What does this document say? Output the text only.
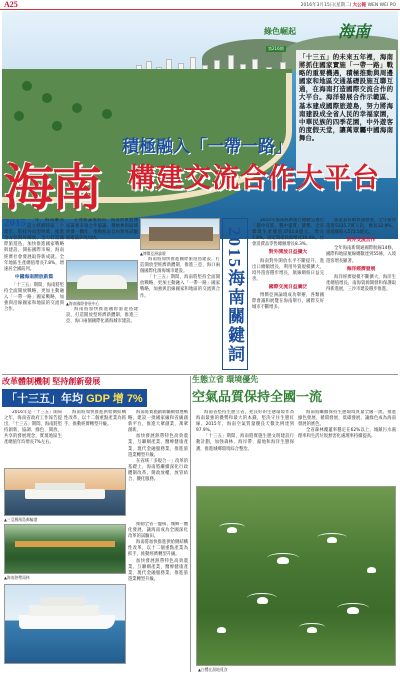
A25	2016年3月15日(星期二) 大公報 WEN WEI PO
綠色崛起
第216期
海南
「十三五」的未來五年裡，海南將抓住國家實施「一帶一路」戰略的重要機遇，積極推動與周邊國家和地區交通基礎設施互聯互通，在海南打造國際交流合作的大平台。海洋發展合作示範區、基本建成國際旅遊島，努力將海南建設成全省人民的幸福家園，中華民族的四季花園，中外遊客的度假天堂，讓萬眾矚中國海南舞台。
海南
積極融入「一帶一路」
構建交流合作大平台
2015	年，海南聯省設立經濟特區三十周年，堅持外向型經濟、推進全方位對外開放，全力打造國際旅遊島，加快推進國家戰略與建設，開拓國際市場，海南經濟社會發展取得新成就。全年地區生產總值增長7.8%，增速居全國前列。

中國海南開放新篇

「十三五」期間，海南將堅持全面開放戰略，更加主動融入「一帶一路」國家戰略，加強與沿線國家和地區的交流與合作。

在博鰲論壇期間，海南與東盟國家簽署多項合作協議，積極參與區域經濟一體化，推動海南自由貿易試驗區建設步伐加快。

▲海南國際會展中心

海南將加快推進國際旅遊島建設，打造開放型經濟新體制，推進三亞、海口兩個國際化濱海城市建設。

▲博鰲亞洲論壇

海南將加快推進國際旅遊島建設，打造開放型經濟新體制，推進三亞、海口兩個國際化濱海城市建設。

「十三五」期間，海南將堅持全面開放戰略，更加主動融入「一帶一路」國家戰略，加強與沿線國家和地區的交流與合作。	2015海南關鍵詞

2015年海南經濟運行總體呈現出「穩中有進、穩中提質」態勢，全省實現生產總值3702.8億元，增長7.8%，固定資產投資增長10.4%，社會消費品零售總額增長8.3%。

對外開放日益擴大

海南對外開放水平不斷提升，進出口總額增長，利用外資規模擴大，境外遊客穩步增長，航線網絡日益完善。

國際交流日益廣泛

博鰲亞洲論壇成功舉辦，各類國際會議和展覽在海南舉行，國際友好城市不斷增多。

旅遊業持續快速發展，全年接待遊客5335.7萬人次，增長12.9%，旅遊總收入572.5億元。

對外交流合作

全年海南新開通國際航線14條，國際和地區航線總數達到55條，入境遊客增長顯著。

海洋經濟發展

海洋經濟規模不斷擴大，海洋生產總值增長，南海資源開發和保護取得新進展，三沙市建設穩步推進。

改革體制機制 堅持創新發展
「十三五」年均 GDP 增 7%

2016年是「十三五」開局之年，海南省政府工作報告提出，「十三五」期間，海南將堅持創新、協調、綠色、開放、共享的發展理念，實現地區生產總值年均增長7%左右。

海南將加快推進供給側結構性改革，以十二個重點產業為抓手，推動經濟轉型升級。

海南將實施創新驅動發展戰略，建設一批國家級和省級創新平台，推進大眾創業、萬眾創新。

加快發展熱帶特色高效農業、互聯網產業、醫療健康產業、現代金融服務業，推進旅遊業轉型升級。

在省域「多規合一」改革的基礎上，海南將繼續深化行政體制改革，簡政放權、放管結合、優化服務。

▲三亞鳳凰島郵輪港
▲海南熱帶雨林

推動全省一盤棋、城鄉一體化發展，讓海南成為全國深化改革的試驗田。

海南將加快推進供給側結構性改革，以十二個重點產業為抓手，推動經濟轉型升級。

加快發展熱帶特色高效農業、互聯網產業、醫療健康產業、現代金融服務業，推進旅遊業轉型升級。

生態立省 環境優先
空氣品質保持全國一流

海南省堅持生態立省，把良好的生態環境作為海南最強的優勢和最大的本錢，堅決守住生態紅線。2015年，海南空氣質量優良天數比例達到97.9%。

「十三五」期間，海南將實施生態文明建設行動計劃，加強森林、海岸帶、濕地和海洋生態保護，推進城鄉環境綜合整治。

海南將繼續保持生態環境質量全國一流，推進綠色發展、循環發展、低碳發展，讓綠色成為海南發展的底色。

全省森林覆蓋率穩定在62%以上，城鎮污水處理率和生活垃圾無害化處理率持續提高。

▲白鷺在濕地覓食
